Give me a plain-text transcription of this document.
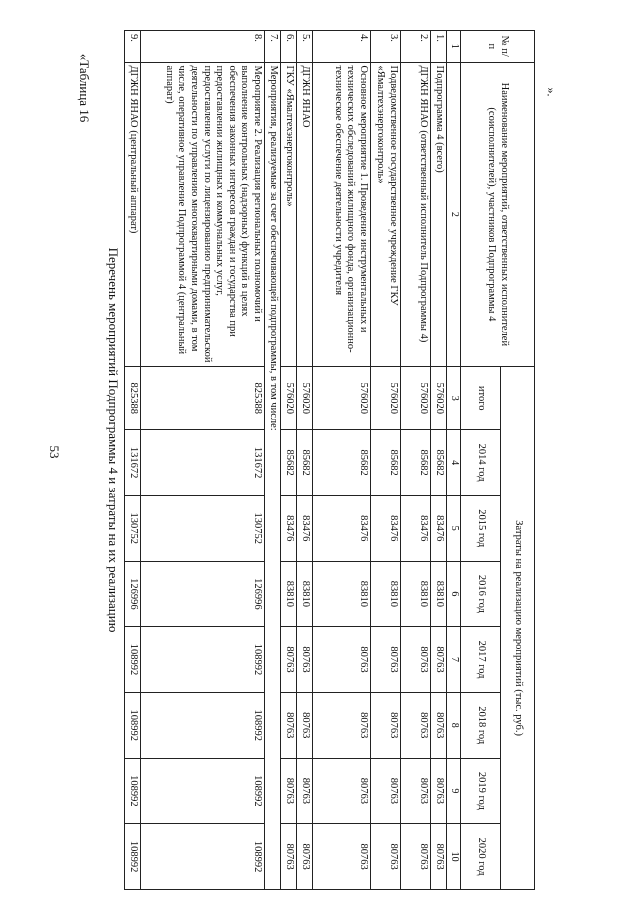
53
«Таблица 16
Перечень мероприятий Подпрограммы 4 и затраты на их реализацию
№ п/п	Наименование мероприятий, ответственных исполнителей (соисполнителей), участников Подпрограммы 4	Затраты на реализацию мероприятий (тыс. руб.)							
		итого	2014 год	2015 год	2016 год	2017 год	2018 год	2019 год	2020 год
1	2	3	4	5	6	7	8	9	10
1.	Подпрограмма 4 (всего)	576020	85682	83476	83810	80763	80763	80763	80763
2.	ДГЖН ЯНАО (ответственный исполнитель Подпрограммы 4)	576020	85682	83476	83810	80763	80763	80763	80763
3.	Подведомственное государственное учреждение ГКУ «Ямалтехэнергоконтроль»	576020	85682	83476	83810	80763	80763	80763	80763
4.	Основное мероприятие 1. Проведение инструментальных и технических обследований жилищного фонда, организационно-техническое обеспечение деятельности учредителя	576020	85682	83476	83810	80763	80763	80763	80763
5.	ДГЖН ЯНАО	576020	85682	83476	83810	80763	80763	80763	80763
6.	ГКУ «Ямалтехэнергоконтроль»	576020	85682	83476	83810	80763	80763	80763	80763
7.	Мероприятия, реализуемые за счет обеспечивающей подпрограммы, в том числе:								
8.	Мероприятие 2. Реализация региональных полномочий и выполнение контрольных (надзорных) функций в целях обеспечения законных интересов граждан и государства при предоставлении жилищных и коммунальных услуг, предоставление услуги по лицензированию предпринимательской деятельности по управлению многоквартирными домами, в том числе, оперативное управление Подпрограммой 4 (центральный аппарат)	825388	131672	130752	126996	108992	108992	108992	108992
9.	ДГЖН ЯНАО (центральный аппарат)	825388	131672	130752	126996	108992	108992	108992	108992
».
